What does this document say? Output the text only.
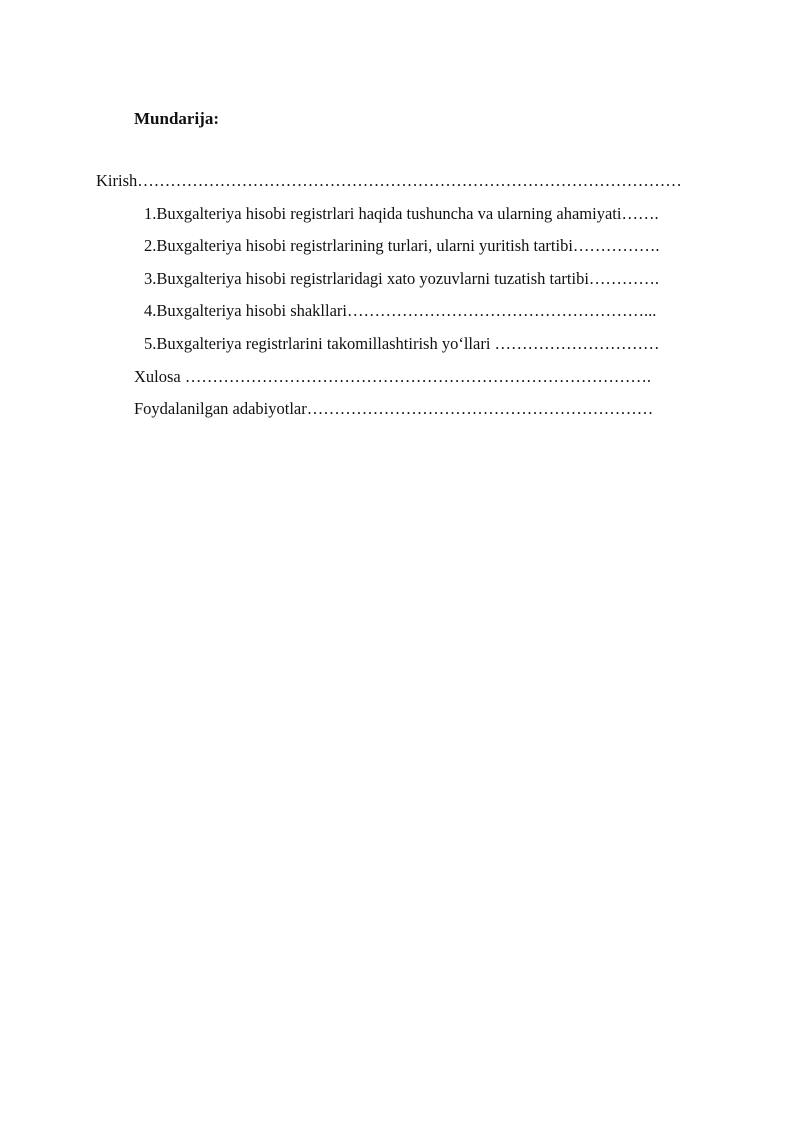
Mundarija:
Kirish………………………………………………………………………………………
1.Buxgalteriya hisobi registrlari haqida tushuncha va ularning ahamiyati…….
2.Buxgalteriya hisobi registrlarining turlari, ularni yuritish tartibi…………….
3.Buxgalteriya hisobi registrlaridagi xato yozuvlarni tuzatish tartibi………….
4.Buxgalteriya hisobi shakllari………………………………………………...
5.Buxgalteriya registrlarini takomillashtirish yoʻllari …………………………
Xulosa ………………………………………………………………………….
Foydalanilgan adabiyotlar………………………………………………………
